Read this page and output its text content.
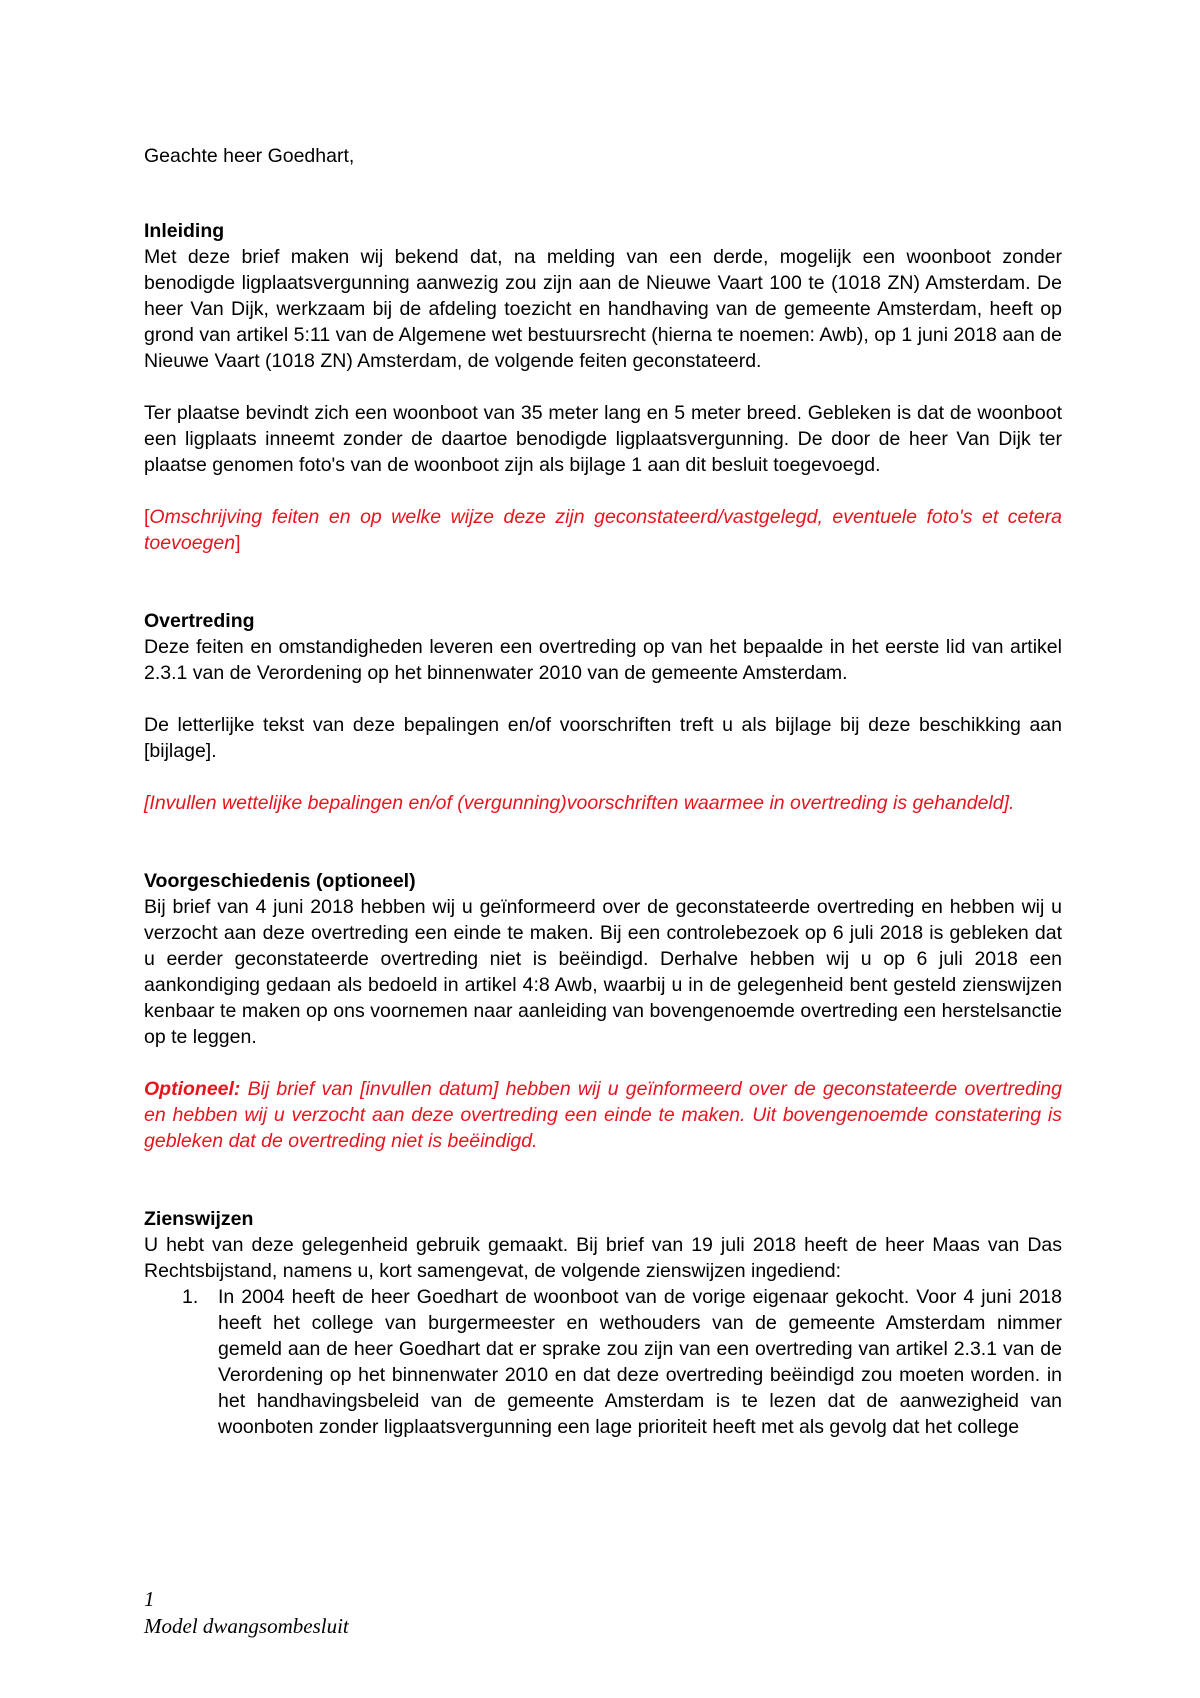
Geachte heer Goedhart,

Inleiding

Met deze brief maken wij bekend dat, na melding van een derde, mogelijk een woonboot zonder benodigde ligplaatsvergunning aanwezig zou zijn aan de Nieuwe Vaart 100 te (1018 ZN) Amsterdam. De heer Van Dijk, werkzaam bij de afdeling toezicht en handhaving van de gemeente Amsterdam, heeft op grond van artikel 5:11 van de Algemene wet bestuursrecht (hierna te noemen: Awb), op 1 juni 2018 aan de Nieuwe Vaart (1018 ZN) Amsterdam, de volgende feiten geconstateerd.

Ter plaatse bevindt zich een woonboot van 35 meter lang en 5 meter breed. Gebleken is dat de woonboot een ligplaats inneemt zonder de daartoe benodigde ligplaatsvergunning. De door de heer Van Dijk ter plaatse genomen foto's van de woonboot zijn als bijlage 1 aan dit besluit toegevoegd.

[Omschrijving feiten en op welke wijze deze zijn geconstateerd/vastgelegd, eventuele foto's et cetera toevoegen]

Overtreding

Deze feiten en omstandigheden leveren een overtreding op van het bepaalde in het eerste lid van artikel 2.3.1 van de Verordening op het binnenwater 2010 van de gemeente Amsterdam.

De letterlijke tekst van deze bepalingen en/of voorschriften treft u als bijlage bij deze beschikking aan [bijlage].

[Invullen wettelijke bepalingen en/of (vergunning)voorschriften waarmee in overtreding is gehandeld].

Voorgeschiedenis (optioneel)

Bij brief van 4 juni 2018 hebben wij u geïnformeerd over de geconstateerde overtreding en hebben wij u verzocht aan deze overtreding een einde te maken. Bij een controlebezoek op 6 juli 2018 is gebleken dat u eerder geconstateerde overtreding niet is beëindigd. Derhalve hebben wij u op 6 juli 2018 een aankondiging gedaan als bedoeld in artikel 4:8 Awb, waarbij u in de gelegenheid bent gesteld zienswijzen kenbaar te maken op ons voornemen naar aanleiding van bovengenoemde overtreding een herstelsanctie op te leggen.

Optioneel: Bij brief van [invullen datum] hebben wij u geïnformeerd over de geconstateerde overtreding en hebben wij u verzocht aan deze overtreding een einde te maken. Uit bovengenoemde constatering is gebleken dat de overtreding niet is beëindigd.

Zienswijzen

U hebt van deze gelegenheid gebruik gemaakt. Bij brief van 19 juli 2018 heeft de heer Maas van Das Rechtsbijstand, namens u, kort samengevat, de volgende zienswijzen ingediend:

1. In 2004 heeft de heer Goedhart de woonboot van de vorige eigenaar gekocht. Voor 4 juni 2018 heeft het college van burgermeester en wethouders van de gemeente Amsterdam nimmer gemeld aan de heer Goedhart dat er sprake zou zijn van een overtreding van artikel 2.3.1 van de Verordening op het binnenwater 2010 en dat deze overtreding beëindigd zou moeten worden. in het handhavingsbeleid van de gemeente Amsterdam is te lezen dat de aanwezigheid van woonboten zonder ligplaatsvergunning een lage prioriteit heeft met als gevolg dat het college
1
Model dwangsombesluit
